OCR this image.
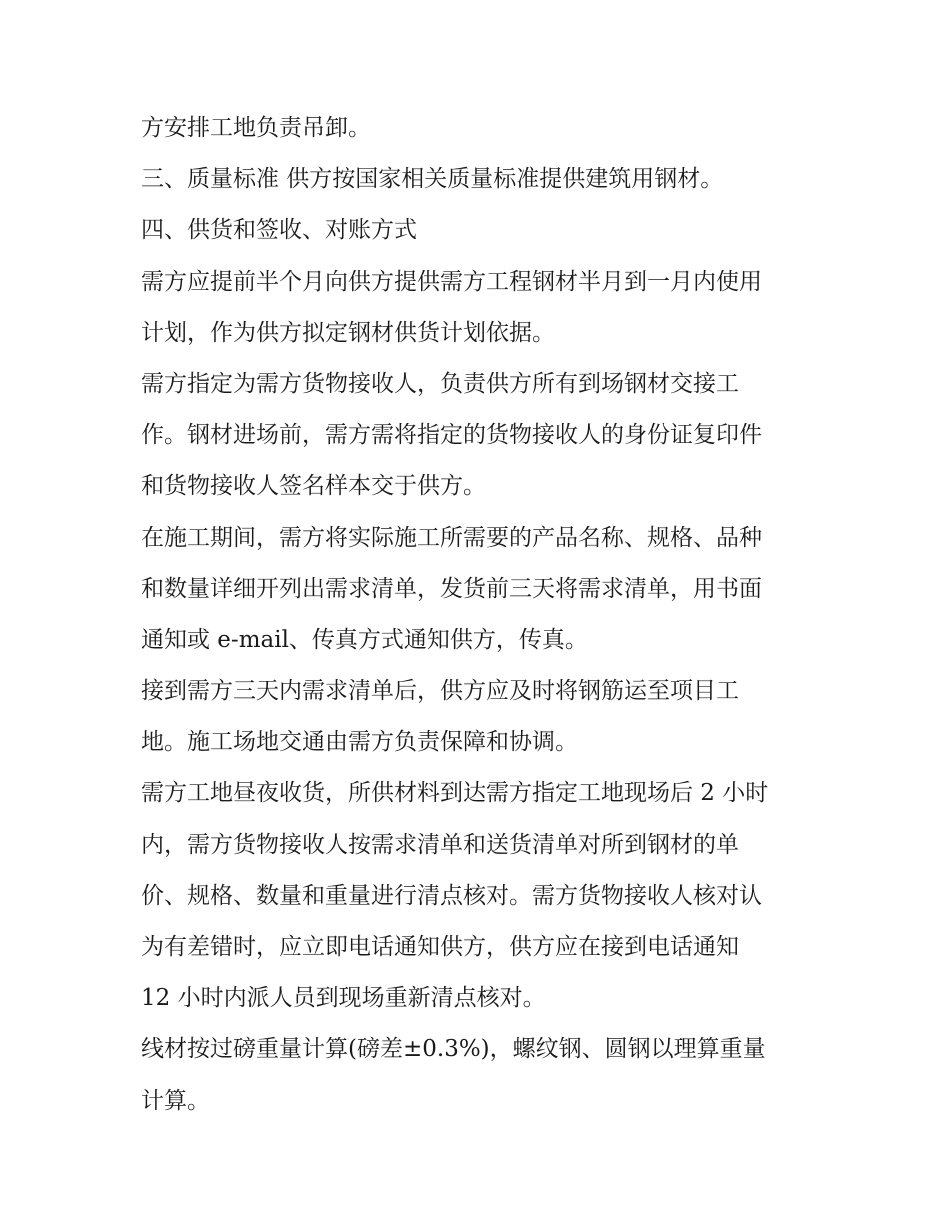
方安排工地负责吊卸。
三、质量标准 供方按国家相关质量标准提供建筑用钢材。
四、供货和签收、对账方式
需方应提前半个月向供方提供需方工程钢材半月到一月内使用
计划，作为供方拟定钢材供货计划依据。
需方指定为需方货物接收人，负责供方所有到场钢材交接工
作。钢材进场前，需方需将指定的货物接收人的身份证复印件
和货物接收人签名样本交于供方。
在施工期间，需方将实际施工所需要的产品名称、规格、品种
和数量详细开列出需求清单，发货前三天将需求清单，用书面
通知或 e-mail、传真方式通知供方，传真。
接到需方三天内需求清单后，供方应及时将钢筋运至项目工
地。施工场地交通由需方负责保障和协调。
需方工地昼夜收货，所供材料到达需方指定工地现场后 2 小时
内，需方货物接收人按需求清单和送货清单对所到钢材的单
价、规格、数量和重量进行清点核对。需方货物接收人核对认
为有差错时，应立即电话通知供方，供方应在接到电话通知
12 小时内派人员到现场重新清点核对。
线材按过磅重量计算(磅差±0.3%)，螺纹钢、圆钢以理算重量
计算。
